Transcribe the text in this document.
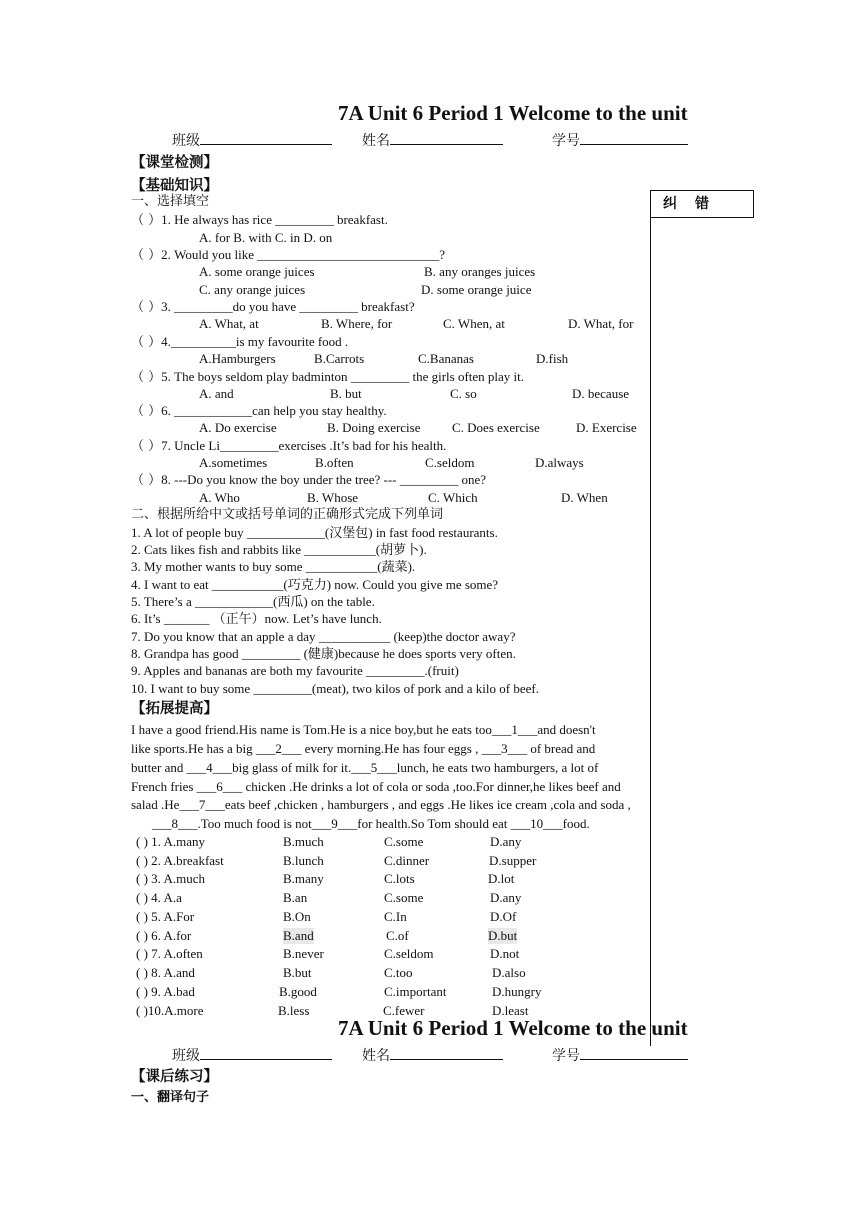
7A Unit 6 Period 1 Welcome to the unit
班级	姓名	学号
【课堂检测】
【基础知识】
纠错
一、选择填空
（ ）1. He always has rice _________ breakfast.
A. for B. with C. in D. on
（ ）2. Would you like ____________________________?
A. some orange juices	B. any oranges juices
C. any orange juices	D. some orange juice
（ ）3. _________do you have _________ breakfast?
A. What, at	B. Where, for	C. When, at	D. What, for
（ ）4.__________is my favourite food .
A.Hamburgers	B.Carrots	C.Bananas	D.fish
（ ）5. The boys seldom play badminton _________ the girls often play it.
A. and	B. but	C. so	D. because
（ ）6. ____________can help you stay healthy.
A. Do exercise	B. Doing exercise C. Does exercise	D. Exercise
（ ）7. Uncle Li_________exercises .It’s bad for his health.
A.sometimes	B.often	C.seldom	D.always
（ ）8. ---Do you know the boy under the tree? --- _________ one?
A. Who	B. Whose	C. Which	D. When
二、根据所给中文或括号单词的正确形式完成下列单词
1. A lot of people buy ____________(汉堡包) in fast food restaurants.
2. Cats likes fish and rabbits like ___________(胡萝卜).
3. My mother wants to buy some ___________(蔬菜).
4. I want to eat ___________(巧克力) now. Could you give me some?
5. There’s a ____________(西瓜) on the table.
6. It’s _______ （正午）now. Let’s have lunch.
7. Do you know that an apple a day ___________ (keep)the doctor away?
8. Grandpa has good _________ (健康)because he does sports very often.
9. Apples and bananas are both my favourite _________.(fruit)
10. I want to buy some _________(meat), two kilos of pork and a kilo of beef.
【拓展提高】
I have a good friend.His name is Tom.He is a nice boy,but he eats too___1___and doesn't
like sports.He has a big ___2___ every morning.He has four eggs , ___3___ of bread and
butter and ___4___big glass of milk for it.___5___lunch, he eats two hamburgers, a lot of
French fries ___6___ chicken .He drinks a lot of cola or soda ,too.For dinner,he likes beef and
salad .He___7___eats beef ,chicken , hamburgers , and eggs .He likes ice cream ,cola and soda ,
___8___.Too much food is not___9___for health.So Tom should eat ___10___food.
( ) 1. A.many	B.much	C.some	D.any
( ) 2. A.breakfast	B.lunch	C.dinner	D.supper
( ) 3. A.much	B.many	C.lots	D.lot
( ) 4. A.a	B.an	C.some	D.any
( ) 5. A.For	B.On	C.In	D.Of
( ) 6. A.for	B.and	C.of	D.but
( ) 7. A.often	B.never	C.seldom	D.not
( ) 8. A.and	B.but	C.too	D.also
( ) 9. A.bad	B.good	C.important	D.hungry
( )10.A.more	B.less	C.fewer	D.least
7A Unit 6 Period 1 Welcome to the unit
班级	姓名	学号
【课后练习】
一、翻译句子
